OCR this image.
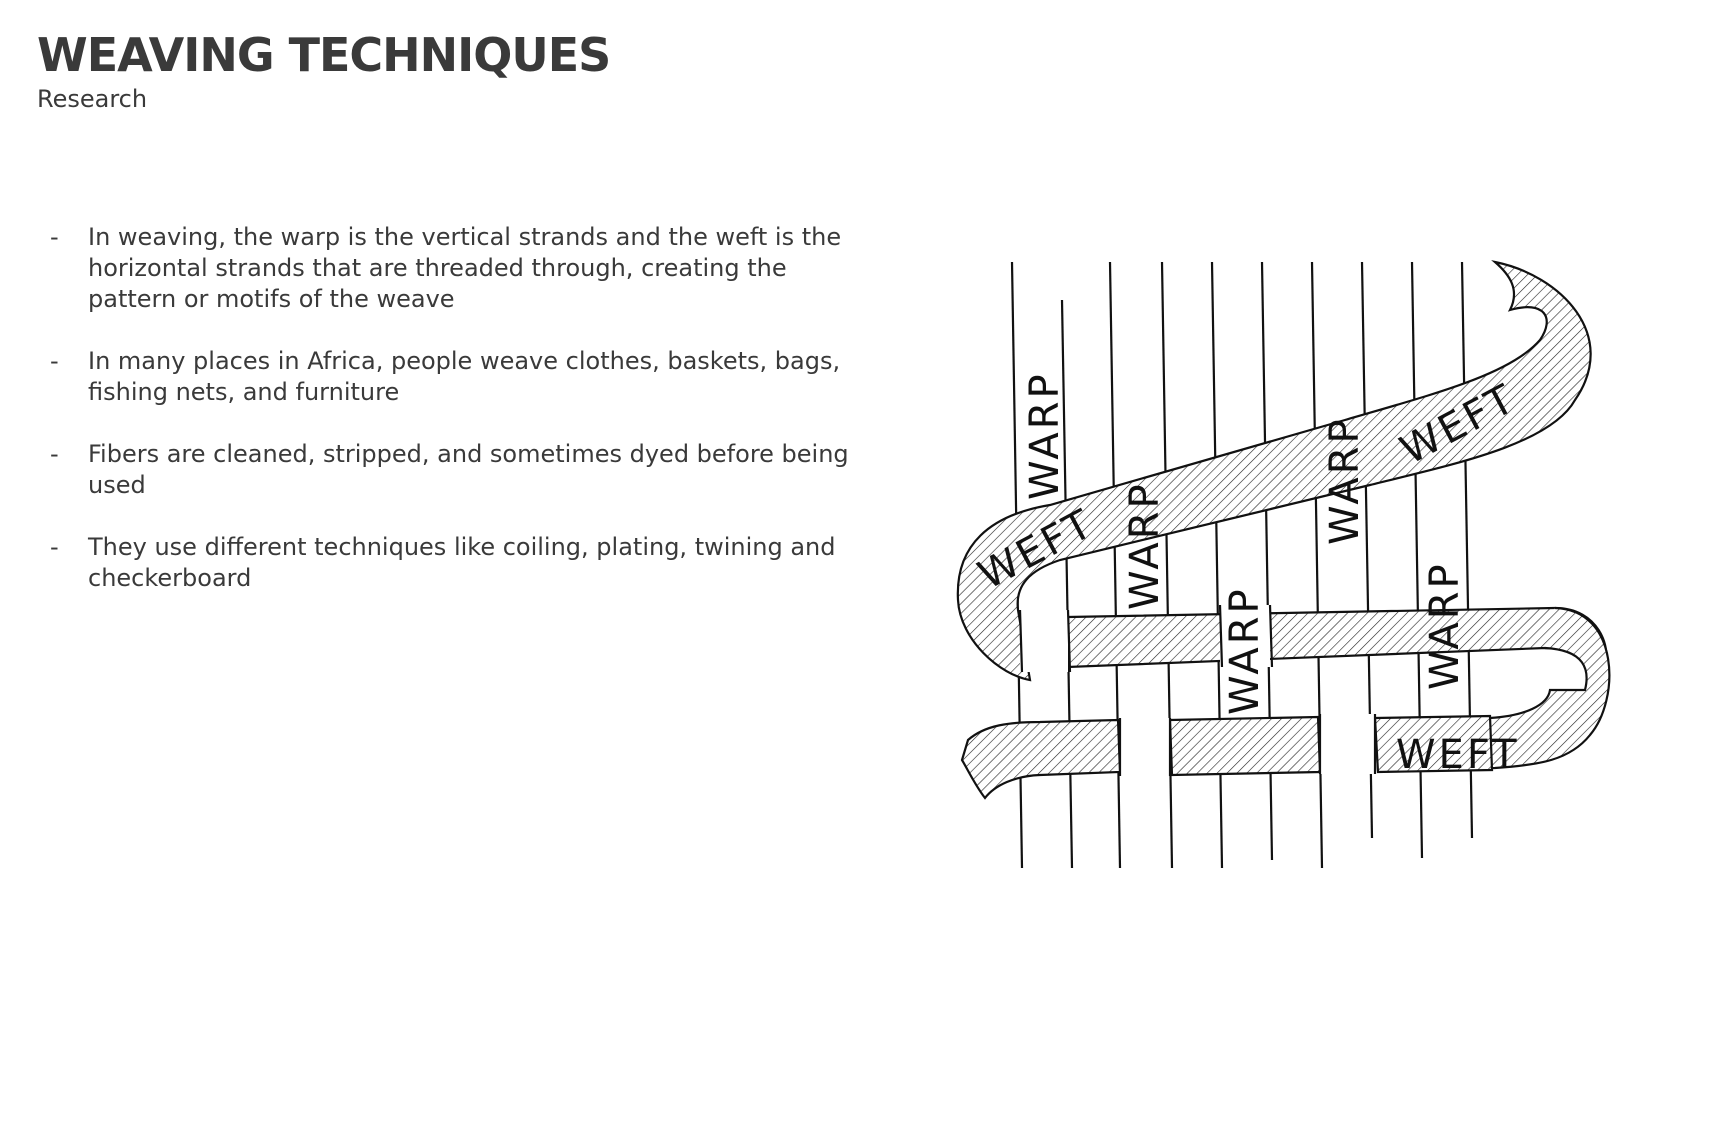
WEAVING TECHNIQUES
Research
- In weaving, the warp is the vertical strands and the weft is the horizontal strands that are threaded through, creating the pattern or motifs of the weave
- In many places in Africa, people weave clothes, baskets, bags, fishing nets, and furniture
- Fibers are cleaned, stripped, and sometimes dyed before being used
- They use different techniques like coiling, plating, twining and checkerboard
WARP
WARP
WARP
WARP
WARP
WEFT
WEFT
WEFT
